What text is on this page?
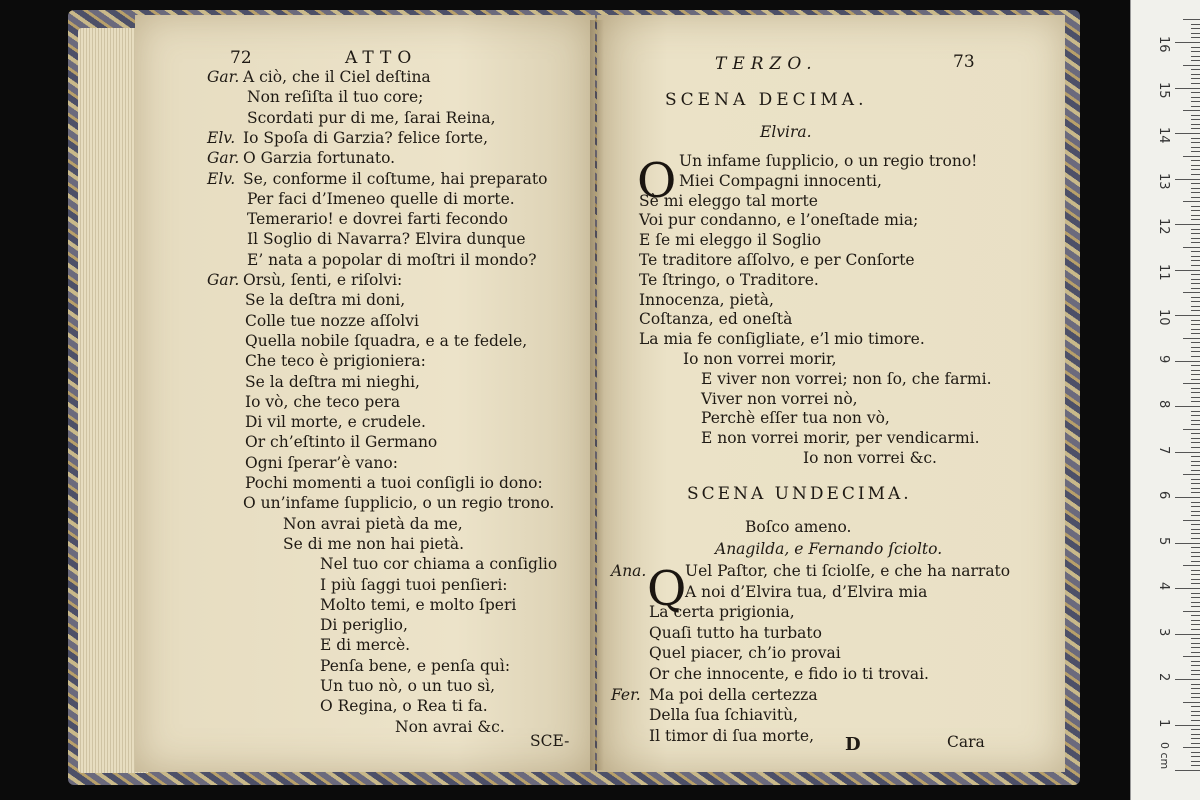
72	ATTO
Gar. A ciò, che il Ciel deſtina
Non reſiſta il tuo core;
Scordati pur di me, ſarai Reina,
Elv. Io Spoſa di Garzia? felice ſorte,
Gar. O Garzia fortunato.
Elv. Se, conforme il coſtume, hai preparato
Per faci d’Imeneo quelle di morte.
Temerario! e dovrei farti fecondo
Il Soglio di Navarra? Elvira dunque
E’ nata a popolar di moſtri il mondo?
Gar. Orsù, ſenti, e riſolvi:
Se la deſtra mi doni,
Colle tue nozze aſſolvi
Quella nobile ſquadra, e a te fedele,
Che teco è prigioniera:
Se la deſtra mi nieghi,
Io vò, che teco pera
Di vil morte, e crudele.
Or ch’eſtinto il Germano
Ogni ſperar’è vano:
Pochi momenti a tuoi conſigli io dono:
O un’infame ſupplicio, o un regio trono.
Non avrai pietà da me,
Se di me non hai pietà.
Nel tuo cor chiama a conſiglio
I più ſaggi tuoi penſieri:
Molto temi, e molto ſperi
Di periglio,
E di mercè.
Penſa bene, e penſa quì:
Un tuo nò, o un tuo sì,
O Regina, o Rea ti fa.
Non avrai &c.
SCE-
TERZO.	73
SCENA DECIMA.
Elvira.
O Un infame ſupplicio, o un regio trono!
Miei Compagni innocenti,
Sè mi eleggo tal morte
Voi pur condanno, e l’oneſtade mia;
E ſe mi eleggo il Soglio
Te traditore aſſolvo, e per Conſorte
Te ſtringo, o Traditore.
Innocenza, pietà,
Coſtanza, ed oneſtà
La mia fe conſigliate, e’l mio timore.
Io non vorrei morir,
E viver non vorrei; non ſo, che farmi.
Viver non vorrei nò,
Perchè eſſer tua non vò,
E non vorrei morir, per vendicarmi.
Io non vorrei &c.
SCENA UNDECIMA.
Boſco ameno.
Anagilda, e Fernando ſciolto.
Q
Ana. Uel Paſtor, che ti ſciolſe, e che ha narrato
A noi d’Elvira tua, d’Elvira mia
La certa prigionia,
Quaſi tutto ha turbato
Quel piacer, ch’io provai
Or che innocente, e fido io ti trovai.
Fer. Ma poi della certezza
Della ſua ſchiavitù,
Il timor di ſua morte, D	Cara	0 cm
1
2
3
4
5
6
7
8
9
10
11
12
13
14
15
16
